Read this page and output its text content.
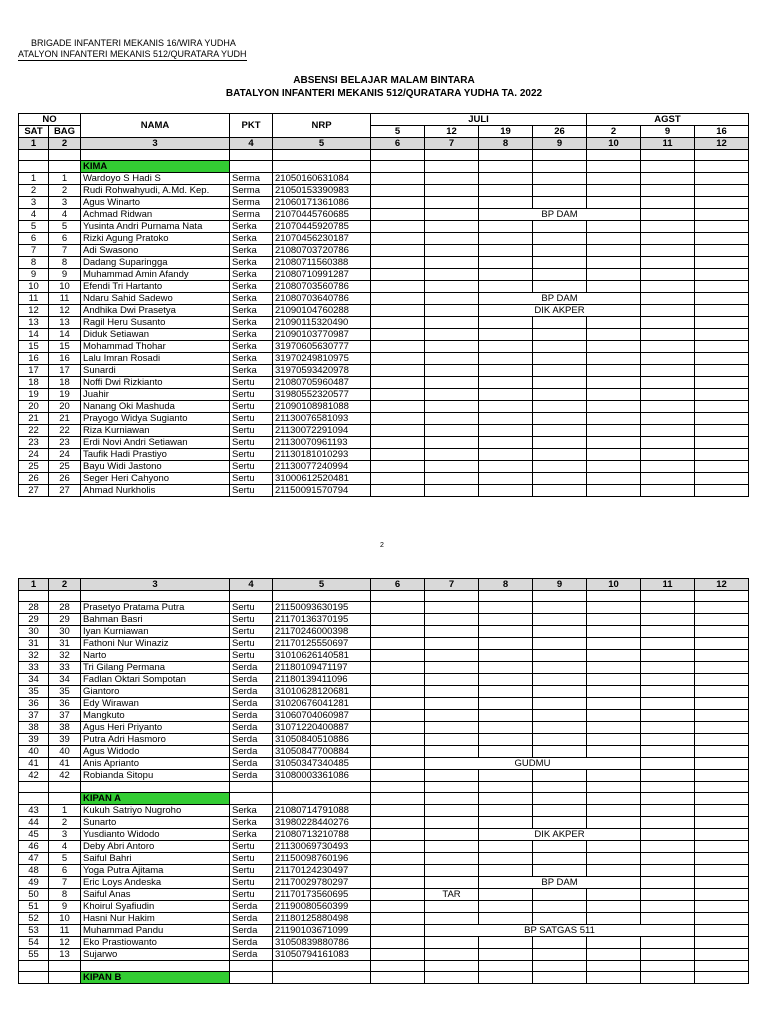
BRIGADE INFANTERI MEKANIS 16/WIRA YUDHA
ATALYON INFANTERI MEKANIS 512/QURATARA YUDH
ABSENSI BELAJAR MALAM BINTARA
BATALYON INFANTERI MEKANIS 512/QURATARA YUDHA TA. 2022
NO		NAMA	PKT	NRP	JULI				AGST		
SAT	BAG				5	12	19	26	2	9	16
1	2	3	4	5	6	7	8	9	10	11	12

		KIMA									
1	1	Wardoyo S Hadi S	Serma	21050160631084							
2	2	Rudi Rohwahyudi, A.Md. Kep.	Serma	21050153390983							
3	3	Agus Winarto	Serma	21060171361086							
4	4	Achmad Ridwan	Serma	21070445760685			BP DAM				
5	5	Yusinta Andri Purnama Nata	Serka	21070445920785							
6	6	Rizki Agung Pratoko	Serka	21070456230187							
7	7	Adi Swasono	Serka	21080703720786							
8	8	Dadang Suparingga	Serka	21080711560388							
9	9	Muhammad Amin Afandy	Serka	21080710991287							
10	10	Efendi Tri Hartanto	Serka	21080703560786							
11	11	Ndaru Sahid Sadewo	Serka	21080703640786			BP DAM				
12	12	Andhika Dwi Prasetya	Serka	21090104760288			DIK AKPER				
13	13	Ragil Heru Susanto	Serka	21090115320490							
14	14	Diduk Setiawan	Serka	21090103770987							
15	15	Mohammad Thohar	Serka	31970605630777							
16	16	Lalu Imran Rosadi	Serka	31970249810975							
17	17	Sunardi	Serka	31970593420978							
18	18	Noffi Dwi Rizkianto	Sertu	21080705960487							
19	19	Juahir	Sertu	31980552320577							
20	20	Nanang Oki Mashuda	Sertu	21090108981088							
21	21	Prayogo Widya Sugianto	Sertu	21130076581093							
22	22	Riza Kurniawan	Sertu	21130072291094							
23	23	Erdi Novi Andri Setiawan	Sertu	21130070961193							
24	24	Taufik Hadi Prastiyo	Sertu	21130181010293							
25	25	Bayu Widi Jastono	Sertu	21130077240994							
26	26	Seger Heri Cahyono	Sertu	31000612520481							
27	27	Ahmad Nurkholis	Sertu	21150091570794							
2
1	2	3	4	5	6	7	8	9	10	11	12

28	28	Prasetyo Pratama Putra	Sertu	21150093630195							
29	29	Bahman Basri	Sertu	21170136370195							
30	30	Iyan Kurniawan	Sertu	21170246000398							
31	31	Fathoni Nur Winaziz	Sertu	21170125550697							
32	32	Narto	Sertu	31010626140581							
33	33	Tri Gilang Permana	Serda	21180109471197							
34	34	Fadlan Oktari Sompotan	Serda	21180139411096							
35	35	Giantoro	Serda	31010628120681							
36	36	Edy Wirawan	Serda	31020676041281							
37	37	Mangkuto	Serda	31060704060987							
38	38	Agus Heri Priyanto	Serda	31071220400887							
39	39	Putra Adri Hasmoro	Serda	31050840510886							
40	40	Agus Widodo	Serda	31050847700884							
41	41	Anis Aprianto	Serda	31050347340485		GUDMU					
42	42	Robianda Sitopu	Serda	31080003361086							

		KIPAN A									
43	1	Kukuh Satriyo Nugroho	Serka	21080714791088							
44	2	Sunarto	Serka	31980228440276							
45	3	Yusdianto Widodo	Serka	21080713210788			DIK AKPER				
46	4	Deby Abri Antoro	Sertu	21130069730493							
47	5	Saiful Bahri	Sertu	21150098760196							
48	6	Yoga Putra Ajitama	Sertu	21170124230497							
49	7	Eric Loys Andeska	Sertu	21170029780297			BP DAM				
50	8	Saiful Anas	Sertu	21170173560695		TAR					
51	9	Khoirul Syafiudin	Serda	21190080560399							
52	10	Hasni Nur Hakim	Serda	21180125880498							
53	11	Muhammad Pandu	Serda	21190103671099		BP SATGAS 511					
54	12	Eko Prastiowanto	Serda	31050839880786							
55	13	Sujarwo	Serda	31050794161083							

		KIPAN B									
